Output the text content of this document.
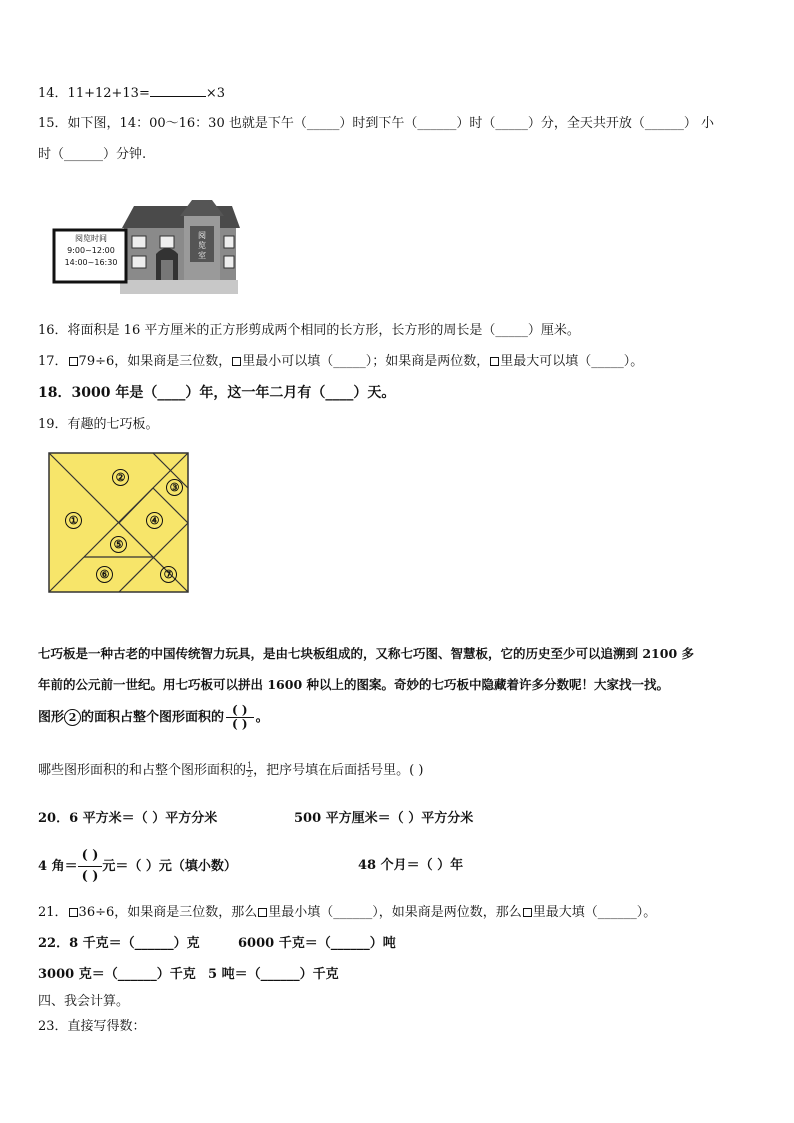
14．11+12+13=	×3
15．如下图，14：00～16：30 也就是下午（_____）时到下午（______）时（_____）分，全天共开放（______） 小
时（______）分钟.
阅
览
室
阅览时间
9:00~12:00
14:00~16:30
16．将面积是 16 平方厘米的正方形剪成两个相同的长方形，长方形的周长是（_____）厘米。
17． 79÷6，如果商是三位数， 里最小可以填（_____）；如果商是两位数， 里最大可以填（_____）。
18．3000 年是（____）年，这一年二月有（____）天。
19．有趣的七巧板。
①
②
③
④
⑤
⑥	⑦
七巧板是一种古老的中国传统智力玩具，是由七块板组成的，又称七巧图、智慧板，它的历史至少可以追溯到 2100 多
年前的公元前一世纪。用七巧板可以拼出 1600 种以上的图案。奇妙的七巧板中隐藏着许多分数呢！大家找一找。
图形 2 的面积占整个图形面积的 $\frac{( )}{( )}$ 。
哪些图形面积的和占整个图形面积的 $\frac{1}{2}$ ，把序号填在后面括号里。( )
20．6 平方米＝（ ）平方分米	500 平方厘米＝（ ）平方分米
4 角＝ $\frac{( )}{( )}$ 元＝（ ）元（填小数）	48 个月＝（ ）年
21． 36÷6，如果商是三位数，那么 里最小填（______），如果商是两位数，那么 里最大填（______）。
22．8 千克＝（______）克	6000 千克＝（______）吨
3000 克＝（______）千克 5 吨＝（______）千克
四、我会计算。
23．直接写得数：
